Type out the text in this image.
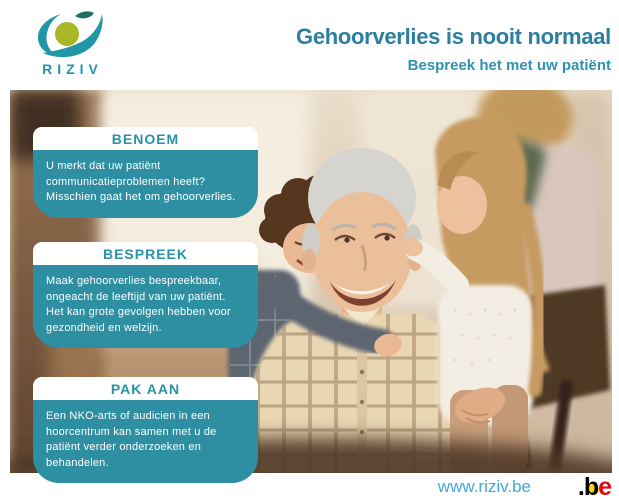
RIZIV
Gehoorverlies is nooit normaal
Bespreek het met uw patiënt
BENOEM
U merkt dat uw patiënt communicatieproblemen heeft? Misschien gaat het om gehoorverlies.
BESPREEK
Maak gehoorverlies bespreekbaar, ongeacht de leeftijd van uw patiënt. Het kan grote gevolgen hebben voor gezondheid en welzijn.
PAK AAN
Een NKO-arts of audicien in een hoorcentrum kan samen met u de patiënt verder onderzoeken en behandelen.
www.riziv.be .be
